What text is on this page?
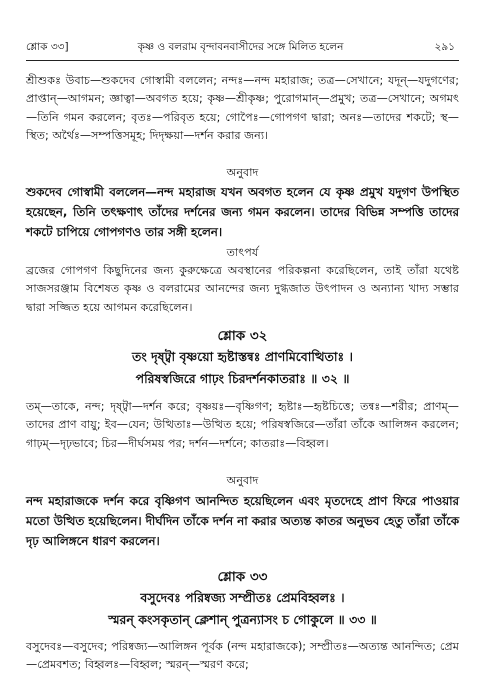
শ্লোক ৩৩]	কৃষ্ণ ও বলরাম বৃন্দাবনবাসীদের সঙ্গে মিলিত হলেন	২৯১

শ্রীশুকঃ উবাচ—শুকদেব গোস্বামী বললেন; নন্দঃ—নন্দ মহারাজ; তত্র—সেখানে; যদূন্—যদুগণের; প্রাপ্তান্—আগমন; জ্ঞাত্বা—অবগত হয়ে; কৃষ্ণ—শ্রীকৃষ্ণ; পুরোগমান্—প্রমুখ; তত্র—সেখানে; অগমৎ—তিনি গমন করলেন; বৃতঃ—পরিবৃত হয়ে; গোপৈঃ—গোপগণ দ্বারা; অনঃ—তাদের শকটে; স্থ—স্থিত; অর্থৈঃ—সম্পত্তিসমূহ; দিদৃক্ষয়া—দর্শন করার জন্য।

অনুবাদ

শুকদেব গোস্বামী বললেন—নন্দ মহারাজ যখন অবগত হলেন যে কৃষ্ণ প্রমুখ যদুগণ উপস্থিত হয়েছেন, তিনি তৎক্ষণাৎ তাঁদের দর্শনের জন্য গমন করলেন। তাদের বিভিন্ন সম্পত্তি তাদের শকটে চাপিয়ে গোপগণও তার সঙ্গী হলেন।

তাৎপর্য

ব্রজের গোপগণ কিছুদিনের জন্য কুরুক্ষেত্রে অবস্থানের পরিকল্পনা করেছিলেন, তাই তাঁরা যথেষ্ট সাজসরঞ্জাম বিশেষত কৃষ্ণ ও বলরামের আনন্দের জন্য দুগ্ধজাত উৎপাদন ও অন্যান্য খাদ্য সম্ভার দ্বারা সজ্জিত হয়ে আগমন করেছিলেন।

শ্লোক ৩২
তং দৃষ্ট্বা বৃষ্ণয়ো হৃষ্টাস্তন্বঃ প্রাণমিবোত্থিতাঃ ।
পরিষস্বজিরে গাঢ়ং চিরদর্শনকাতরাঃ ॥ ৩২ ॥

তম্—তাকে, নন্দ; দৃষ্ট্বা—দর্শন করে; বৃষ্ণয়ঃ—বৃষ্ণিগণ; হৃষ্টাঃ—হৃষ্টচিত্তে; তন্বঃ—শরীর; প্রাণম্—তাদের প্রাণ বায়ু; ইব—যেন; উত্থিতাঃ—উত্থিত হয়ে; পরিষস্বজিরে—তাঁরা তাঁকে আলিঙ্গন করলেন; গাঢ়ম্—দৃঢ়ভাবে; চির—দীর্ঘসময় পর; দর্শন—দর্শনে; কাতরাঃ—বিহ্বল।

অনুবাদ

নন্দ মহারাজকে দর্শন করে বৃষ্ণিগণ আনন্দিত হয়েছিলেন এবং মৃতদেহে প্রাণ ফিরে পাওয়ার মতো উত্থিত হয়েছিলেন। দীর্ঘদিন তাঁকে দর্শন না করার অত্যন্ত কাতর অনুভব হেতু তাঁরা তাঁকে দৃঢ় আলিঙ্গনে ধারণ করলেন।

শ্লোক ৩৩
বসুদেবঃ পরিষ্বজ্য সম্প্রীতঃ প্রেমবিহ্বলঃ ।
স্মরন্ কংসকৃতান্ ক্লেশান্ পুত্রন্যাসং চ গোকুলে ॥ ৩৩ ॥

বসুদেবঃ—বসুদেব; পরিষ্বজ্য—আলিঙ্গন পূর্বক (নন্দ মহারাজকে); সম্প্রীতঃ—অত্যন্ত আনন্দিত; প্রেম—প্রেমবশত; বিহ্বলঃ—বিহ্বল; স্মরন্—স্মরণ করে;
